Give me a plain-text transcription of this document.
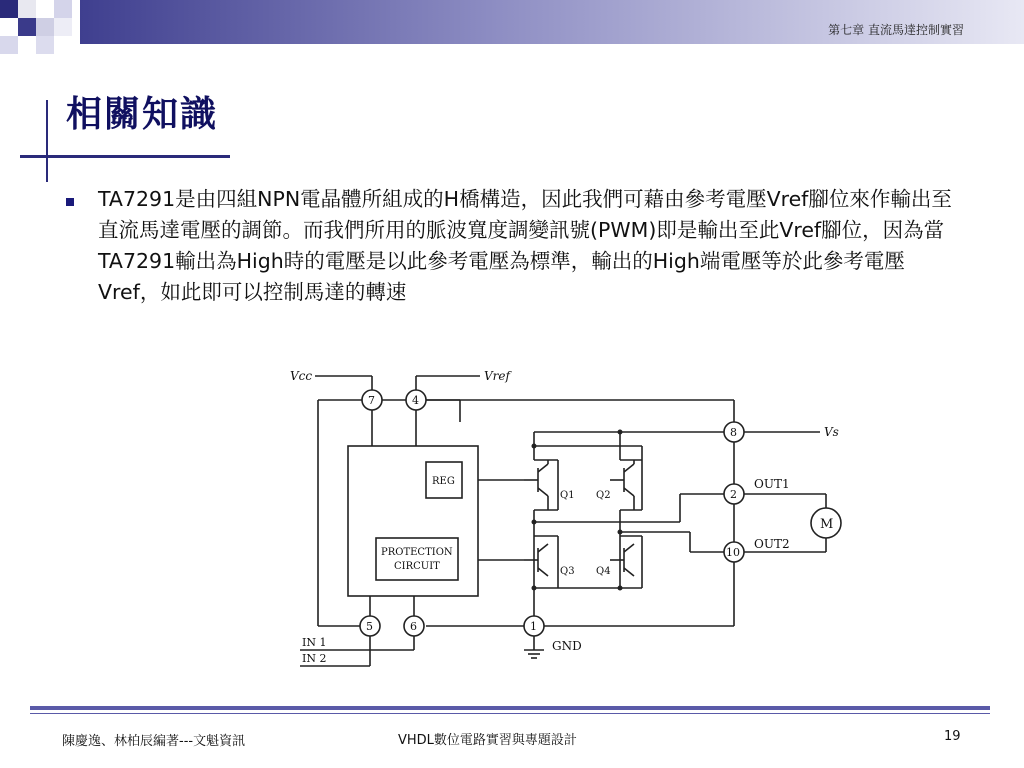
第七章 直流馬達控制實習
相關知識
TA7291是由四組NPN電晶體所組成的H橋構造，因此我們可藉由參考電壓Vref腳位來作輸出至直流馬達電壓的調節。而我們所用的脈波寬度調變訊號(PWM)即是輸出至此Vref腳位，因為當TA7291輸出為High時的電壓是以此參考電壓為標準，輸出的High端電壓等於此參考電壓Vref，如此即可以控制馬達的轉速
Vcc	Vref
Vs
REG
PROTECTION
CIRCUIT
7	4
8
2
10
5	6	1
OUT1
OUT2
M
GND
IN 1
IN 2
Q1 Q2
Q3 Q4
陳慶逸、林柏辰編著---文魁資訊	VHDL數位電路實習與專題設計	19
